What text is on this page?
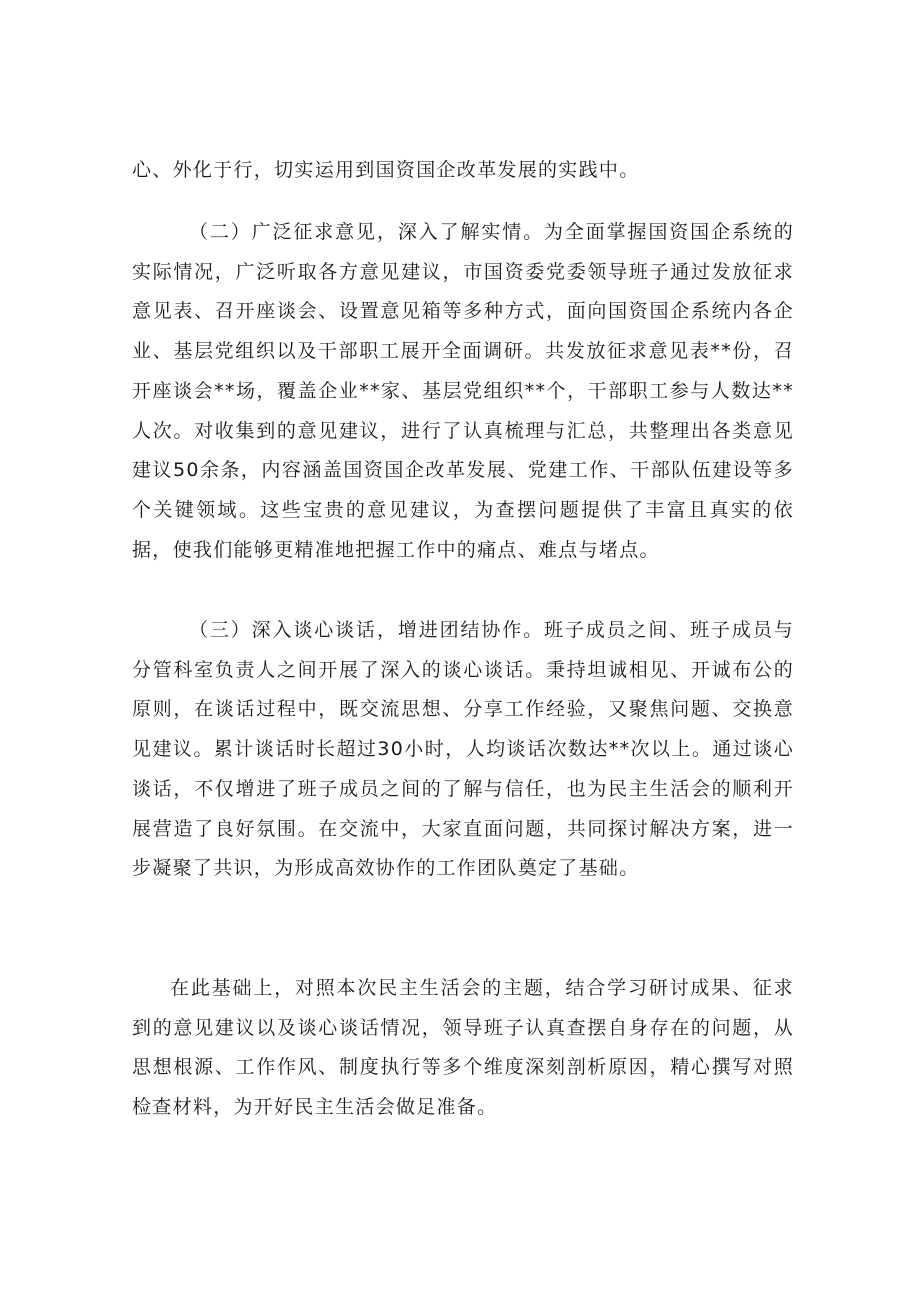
心、外化于行，切实运用到国资国企改革发展的实践中。

（二）广泛征求意见，深入了解实情。为全面掌握国资国企系统的实际情况，广泛听取各方意见建议，市国资委党委领导班子通过发放征求意见表、召开座谈会、设置意见箱等多种方式，面向国资国企系统内各企业、基层党组织以及干部职工展开全面调研。共发放征求意见表**份，召开座谈会**场，覆盖企业**家、基层党组织**个，干部职工参与人数达**人次。对收集到的意见建议，进行了认真梳理与汇总，共整理出各类意见建议50余条，内容涵盖国资国企改革发展、党建工作、干部队伍建设等多个关键领域。这些宝贵的意见建议，为查摆问题提供了丰富且真实的依据，使我们能够更精准地把握工作中的痛点、难点与堵点。

（三）深入谈心谈话，增进团结协作。班子成员之间、班子成员与分管科室负责人之间开展了深入的谈心谈话。秉持坦诚相见、开诚布公的原则，在谈话过程中，既交流思想、分享工作经验，又聚焦问题、交换意见建议。累计谈话时长超过30小时，人均谈话次数达**次以上。通过谈心谈话，不仅增进了班子成员之间的了解与信任，也为民主生活会的顺利开展营造了良好氛围。在交流中，大家直面问题，共同探讨解决方案，进一步凝聚了共识，为形成高效协作的工作团队奠定了基础。

在此基础上，对照本次民主生活会的主题，结合学习研讨成果、征求到的意见建议以及谈心谈话情况，领导班子认真查摆自身存在的问题，从思想根源、工作作风、制度执行等多个维度深刻剖析原因，精心撰写对照检查材料，为开好民主生活会做足准备。
